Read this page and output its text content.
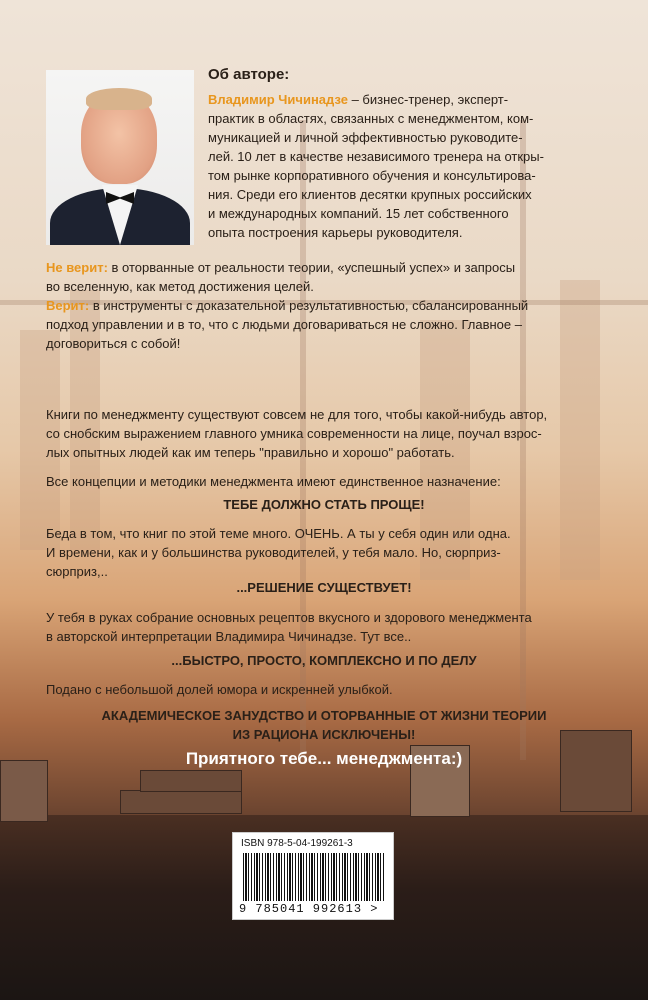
Об авторе:
Владимир Чичинадзе – бизнес-тренер, эксперт-
практик в областях, связанных с менеджментом, ком-
муникацией и личной эффективностью руководите-
лей. 10 лет в качестве независимого тренера на откры-
том рынке корпоративного обучения и консультирова-
ния. Среди его клиентов десятки крупных российских
и международных компаний. 15 лет собственного
опыта построения карьеры руководителя.
Не верит: в оторванные от реальности теории, «успешный успех» и запросы
во вселенную, как метод достижения целей.
Верит: в инструменты с доказательной результативностью, сбалансированный
подход управлении и в то, что с людьми договариваться не сложно. Главное –
договориться с собой!
Книги по менеджменту существуют совсем не для того, чтобы какой-нибудь автор,
со снобским выражением главного умника современности на лице, поучал взрос-
лых опытных людей как им теперь "правильно и хорошо" работать.
Все концепции и методики менеджмента имеют единственное назначение:
ТЕБЕ ДОЛЖНО СТАТЬ ПРОЩЕ!
Беда в том, что книг по этой теме много. ОЧЕНЬ. А ты у себя один или одна.
И времени, как и у большинства руководителей, у тебя мало. Но, сюрприз-
сюрприз,..
...РЕШЕНИЕ СУЩЕСТВУЕТ!
У тебя в руках собрание основных рецептов вкусного и здорового менеджмента
в авторской интерпретации Владимира Чичинадзе. Тут все..
...БЫСТРО, ПРОСТО, КОМПЛЕКСНО И ПО ДЕЛУ
Подано с небольшой долей юмора и искренней улыбкой.
АКАДЕМИЧЕСКОЕ ЗАНУДСТВО И ОТОРВАННЫЕ ОТ ЖИЗНИ ТЕОРИИ
ИЗ РАЦИОНА ИСКЛЮЧЕНЫ!
Приятного тебе... менеджмента:)
ISBN 978-5-04-199261-3
9 785041 992613 >
